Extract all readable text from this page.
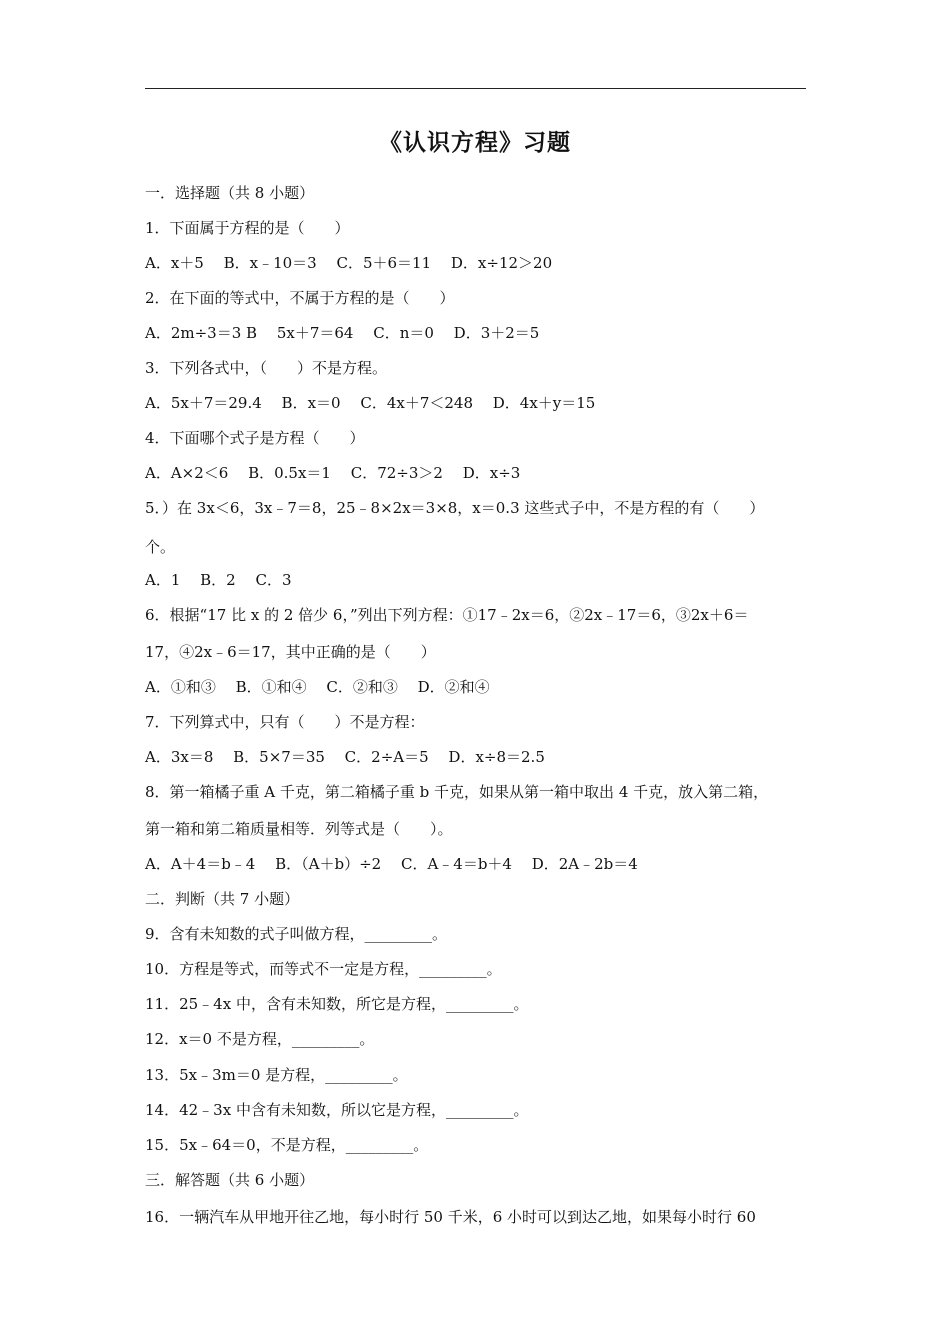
《认识方程》习题
一．选择题（共 8 小题）
1．下面属于方程的是（　　）
A．x＋5　 B．x﹣10＝3　 C．5＋6＝11　 D．x÷12＞20
2．在下面的等式中，不属于方程的是（　　）
A．2m÷3＝3 B　 5x＋7＝64　 C．n＝0　 D．3＋2＝5
3．下列各式中，（　　）不是方程。
A．5x＋7＝29.4　 B．x＝0　 C．4x＋7＜248　 D．4x＋y＝15
4．下面哪个式子是方程（　　）
A．A×2＜6　 B．0.5x＝1　 C．72÷3＞2　 D．x÷3
5．）在 3x＜6，3x﹣7＝8，25﹣8×2x＝3×8，x＝0.3 这些式子中，不是方程的有（　　）
个。
A．1　 B．2　 C．3
6．根据“17 比 x 的 2 倍少 6，”列出下列方程：①17﹣2x＝6，②2x﹣17＝6，③2x＋6＝
17，④2x﹣6＝17，其中正确的是（　　）
A．①和③　 B．①和④　 C．②和③　 D．②和④
7．下列算式中，只有（　　）不是方程：
A．3x＝8　 B．5×7＝35　 C．2÷A＝5　 D．x÷8＝2.5
8．第一箱橘子重 A 千克，第二箱橘子重 b 千克，如果从第一箱中取出 4 千克，放入第二箱，
第一箱和第二箱质量相等．列等式是（　　）。
A．A＋4＝b﹣4　 B．（A＋b）÷2　 C．A﹣4＝b＋4　 D．2A﹣2b＝4
二．判断（共 7 小题）
9．含有未知数的式子叫做方程，_________。
10．方程是等式，而等式不一定是方程，_________。
11．25﹣4x 中，含有未知数，所它是方程，_________。
12．x＝0 不是方程，_________。
13．5x﹣3m＝0 是方程，_________。
14．42﹣3x 中含有未知数，所以它是方程，_________。
15．5x﹣64＝0，不是方程，_________。
三．解答题（共 6 小题）
16．一辆汽车从甲地开往乙地，每小时行 50 千米，6 小时可以到达乙地，如果每小时行 60
